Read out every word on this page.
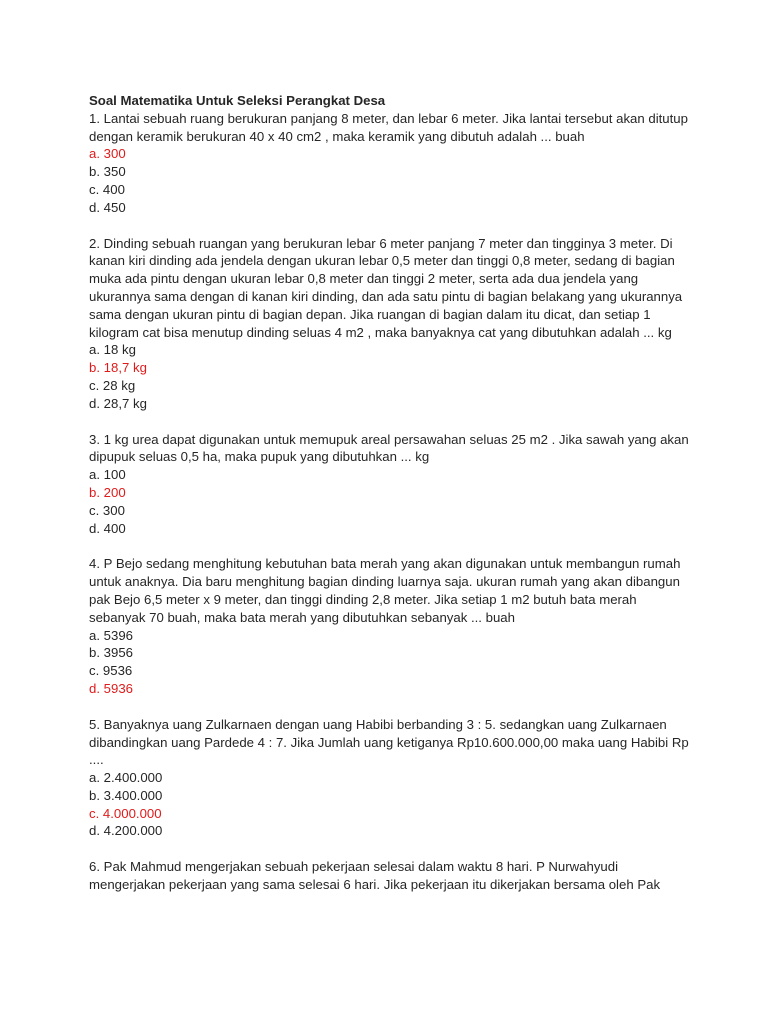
Soal Matematika Untuk Seleksi Perangkat Desa

1. Lantai sebuah ruang berukuran panjang 8 meter, dan lebar 6 meter. Jika lantai tersebut akan ditutup dengan keramik berukuran 40 x 40 cm2 , maka keramik yang dibutuh adalah ... buah

a. 300

b. 350

c. 400

d. 450

2. Dinding sebuah ruangan yang berukuran lebar 6 meter panjang 7 meter dan tingginya 3 meter. Di kanan kiri dinding ada jendela dengan ukuran lebar 0,5 meter dan tinggi 0,8 meter, sedang di bagian muka ada pintu dengan ukuran lebar 0,8 meter dan tinggi 2 meter, serta ada dua jendela yang ukurannya sama dengan di kanan kiri dinding, dan ada satu pintu di bagian belakang yang ukurannya sama dengan ukuran pintu di bagian depan. Jika ruangan di bagian dalam itu dicat, dan setiap 1 kilogram cat bisa menutup dinding seluas 4 m2 , maka banyaknya cat yang dibutuhkan adalah ... kg

a. 18 kg

b. 18,7 kg

c. 28 kg

d. 28,7 kg

3. 1 kg urea dapat digunakan untuk memupuk areal persawahan seluas 25 m2 . Jika sawah yang akan dipupuk seluas 0,5 ha, maka pupuk yang dibutuhkan ... kg

a. 100

b. 200

c. 300

d. 400

4. P Bejo sedang menghitung kebutuhan bata merah yang akan digunakan untuk membangun rumah untuk anaknya. Dia baru menghitung bagian dinding luarnya saja. ukuran rumah yang akan dibangun pak Bejo 6,5 meter x 9 meter, dan tinggi dinding 2,8 meter. Jika setiap 1 m2 butuh bata merah sebanyak 70 buah, maka bata merah yang dibutuhkan sebanyak ... buah

a. 5396

b. 3956

c. 9536

d. 5936

5. Banyaknya uang Zulkarnaen dengan uang Habibi berbanding 3 : 5. sedangkan uang Zulkarnaen dibandingkan uang Pardede 4 : 7. Jika Jumlah uang ketiganya Rp10.600.000,00 maka uang Habibi Rp ....

a. 2.400.000

b. 3.400.000

c. 4.000.000

d. 4.200.000

6. Pak Mahmud mengerjakan sebuah pekerjaan selesai dalam waktu 8 hari. P Nurwahyudi mengerjakan pekerjaan yang sama selesai 6 hari. Jika pekerjaan itu dikerjakan bersama oleh Pak
